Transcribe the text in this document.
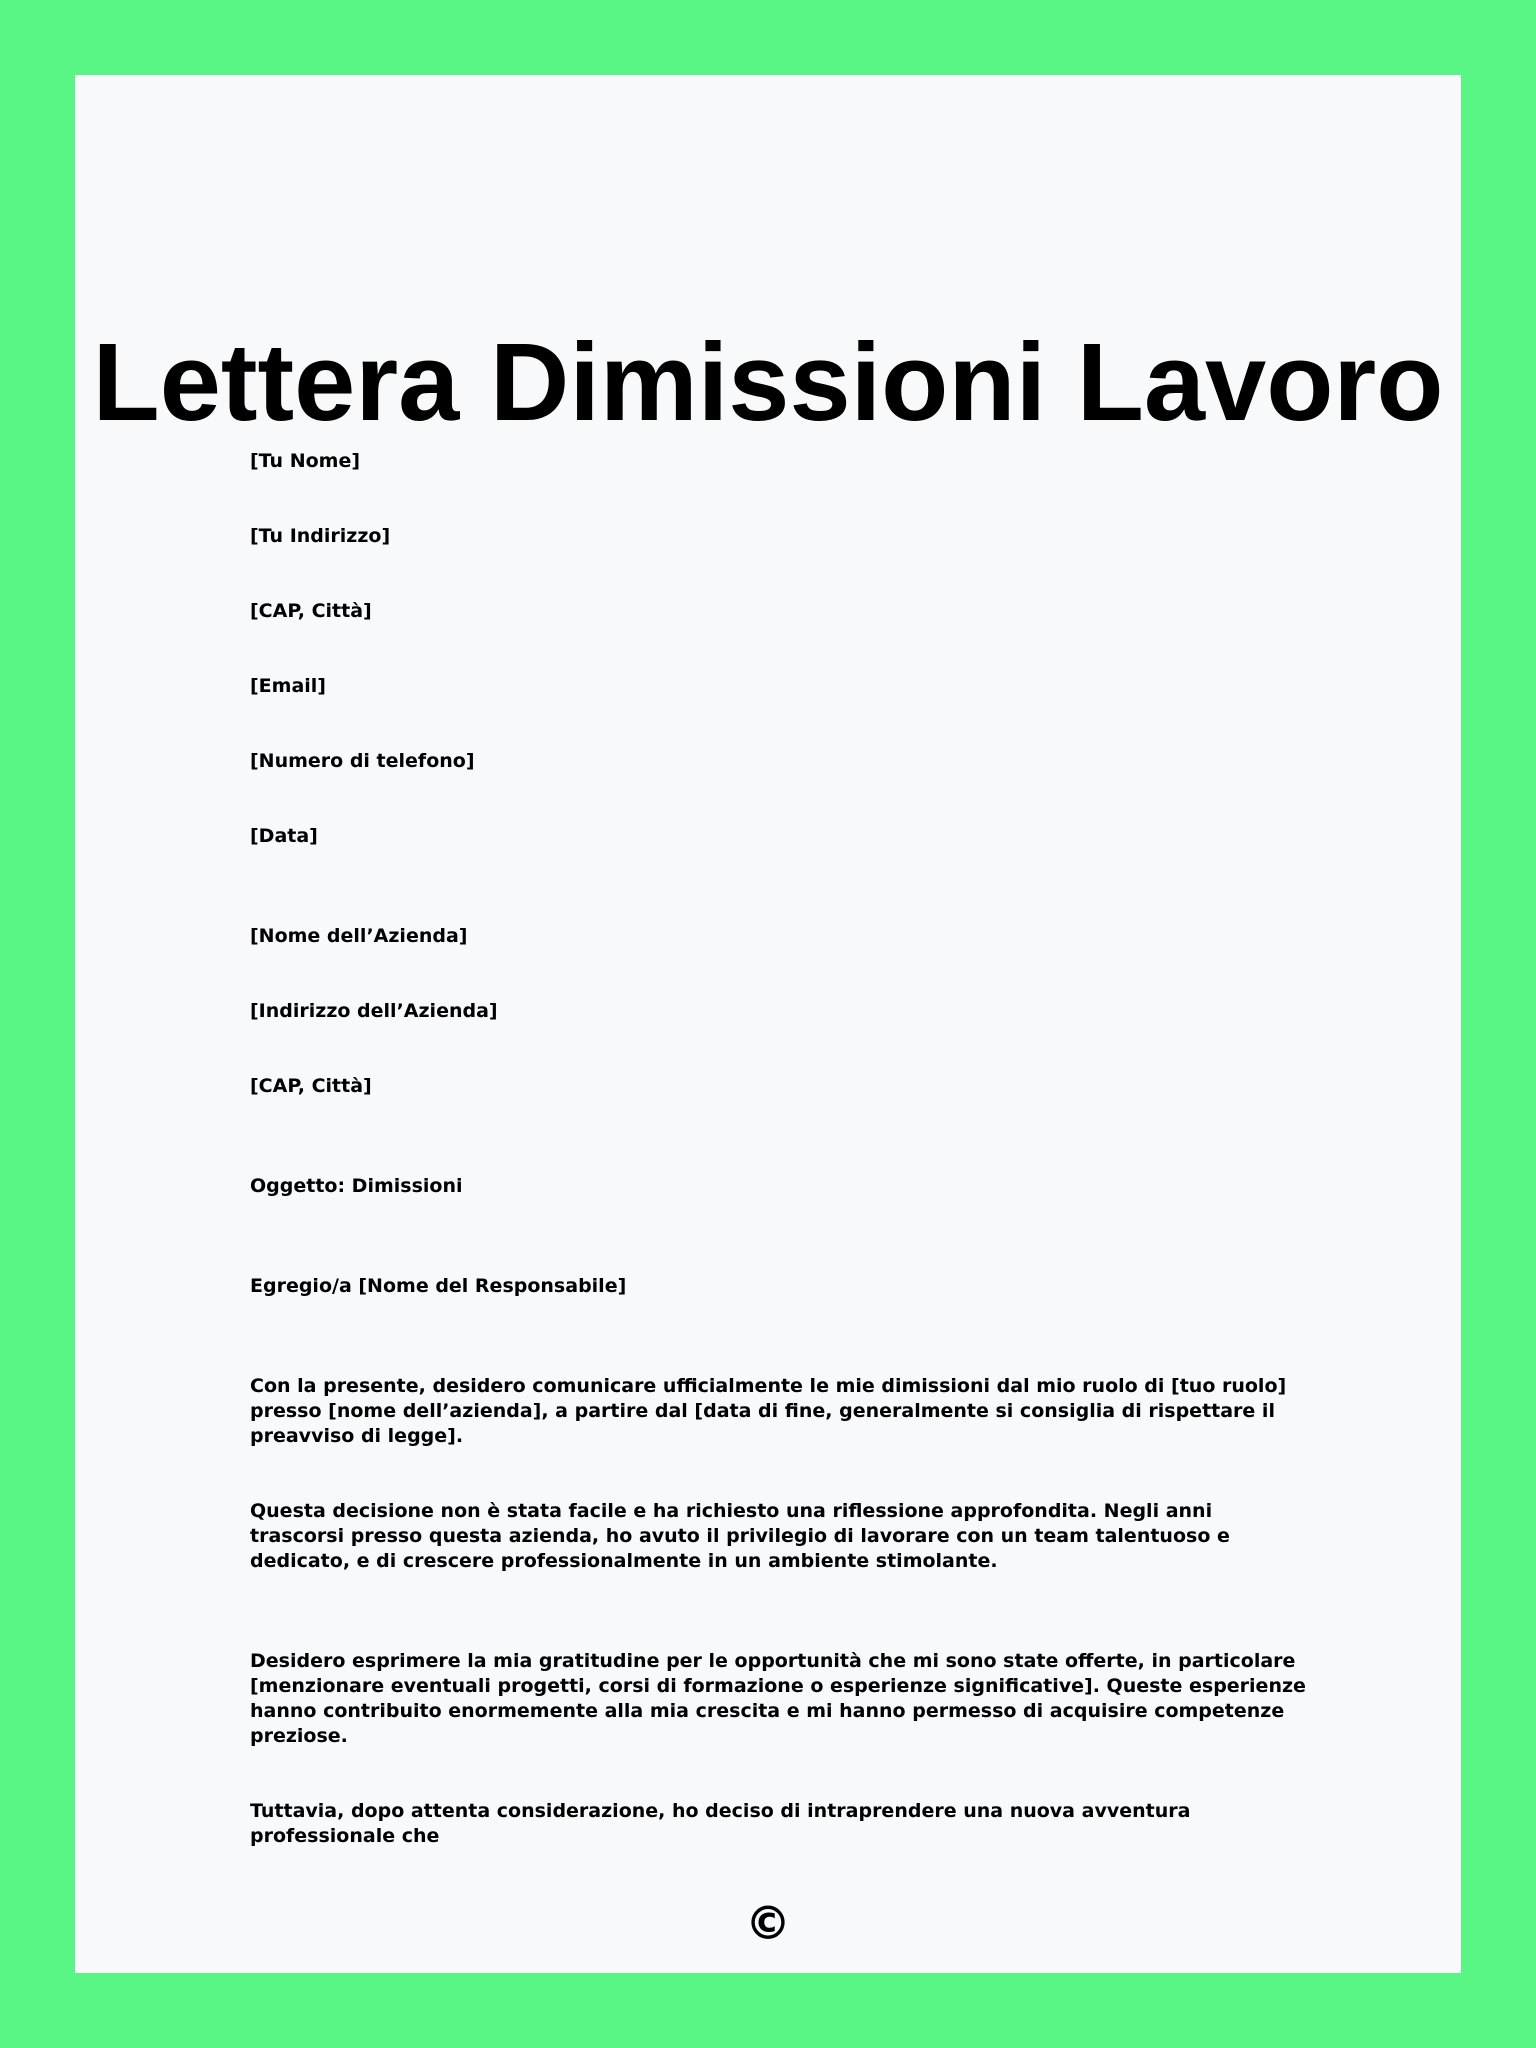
Lettera Dimissioni Lavoro

[Tu Nome]

[Tu Indirizzo]

[CAP, Città]

[Email]

[Numero di telefono]

[Data]

[Nome dell’Azienda]

[Indirizzo dell’Azienda]

[CAP, Città]

Oggetto: Dimissioni

Egregio/a [Nome del Responsabile]

Con la presente, desidero comunicare ufficialmente le mie dimissioni dal mio ruolo di [tuo ruolo] presso [nome dell’azienda], a partire dal [data di fine, generalmente si consiglia di rispettare il preavviso di legge].

Questa decisione non è stata facile e ha richiesto una riflessione approfondita. Negli anni trascorsi presso questa azienda, ho avuto il privilegio di lavorare con un team talentuoso e dedicato, e di crescere professionalmente in un ambiente stimolante.

Desidero esprimere la mia gratitudine per le opportunità che mi sono state offerte, in particolare [menzionare eventuali progetti, corsi di formazione o esperienze significative]. Queste esperienze hanno contribuito enormemente alla mia crescita e mi hanno permesso di acquisire competenze preziose.

Tuttavia, dopo attenta considerazione, ho deciso di intraprendere una nuova avventura professionale che

©
